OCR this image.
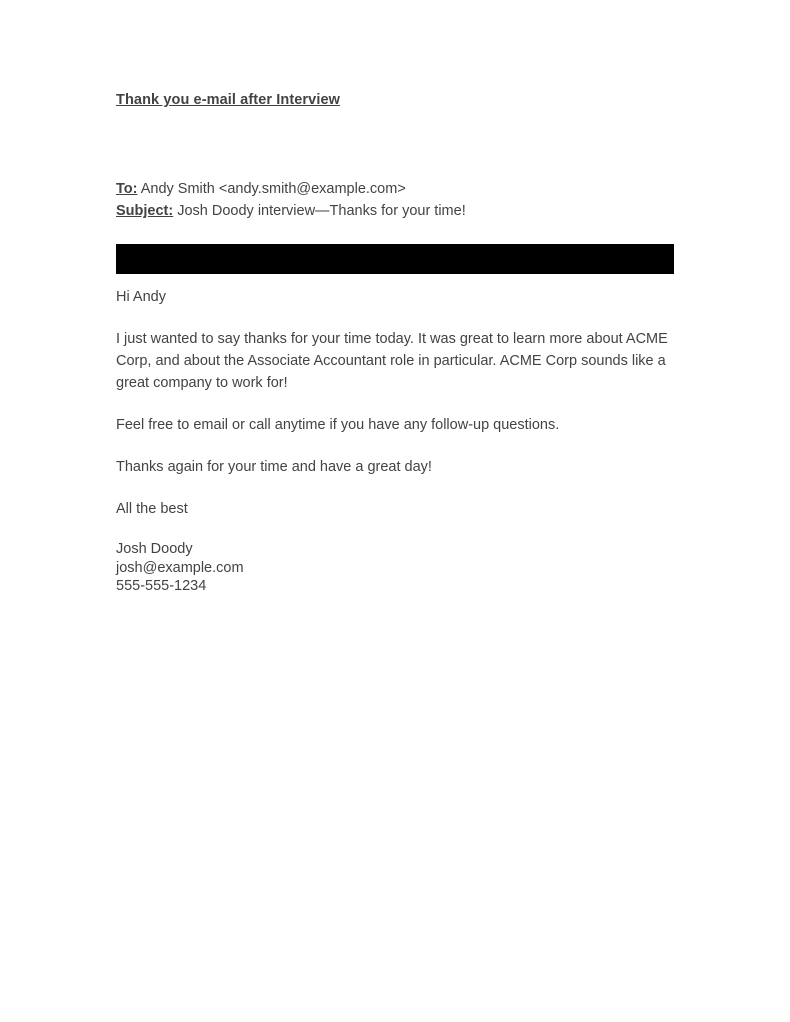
Thank you e-mail after Interview
To: Andy Smith <andy.smith@example.com>
Subject: Josh Doody interview—Thanks for your time!
Hi Andy
I just wanted to say thanks for your time today. It was great to learn more about ACME Corp, and about the Associate Accountant role in particular. ACME Corp sounds like a great company to work for!
Feel free to email or call anytime if you have any follow-up questions.
Thanks again for your time and have a great day!
All the best
Josh Doody
josh@example.com
555-555-1234
